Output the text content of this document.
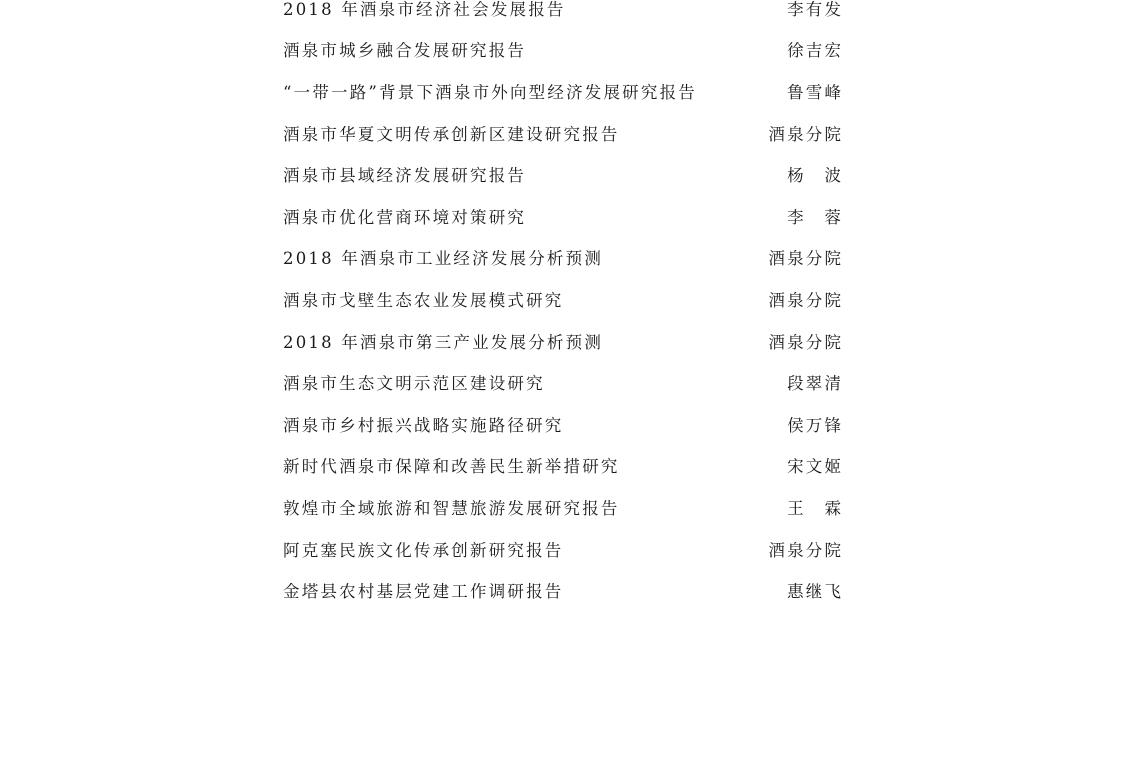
2018 年酒泉市经济社会发展报告	李有发
酒泉市城乡融合发展研究报告	徐吉宏
“一带一路”背景下酒泉市外向型经济发展研究报告	鲁雪峰
酒泉市华夏文明传承创新区建设研究报告	酒泉分院
酒泉市县域经济发展研究报告	杨　波
酒泉市优化营商环境对策研究	李　蓉
2018 年酒泉市工业经济发展分析预测	酒泉分院
酒泉市戈壁生态农业发展模式研究	酒泉分院
2018 年酒泉市第三产业发展分析预测	酒泉分院
酒泉市生态文明示范区建设研究	段翠清
酒泉市乡村振兴战略实施路径研究	侯万锋
新时代酒泉市保障和改善民生新举措研究	宋文姬
敦煌市全域旅游和智慧旅游发展研究报告	王　霖
阿克塞民族文化传承创新研究报告	酒泉分院
金塔县农村基层党建工作调研报告	惠继飞
